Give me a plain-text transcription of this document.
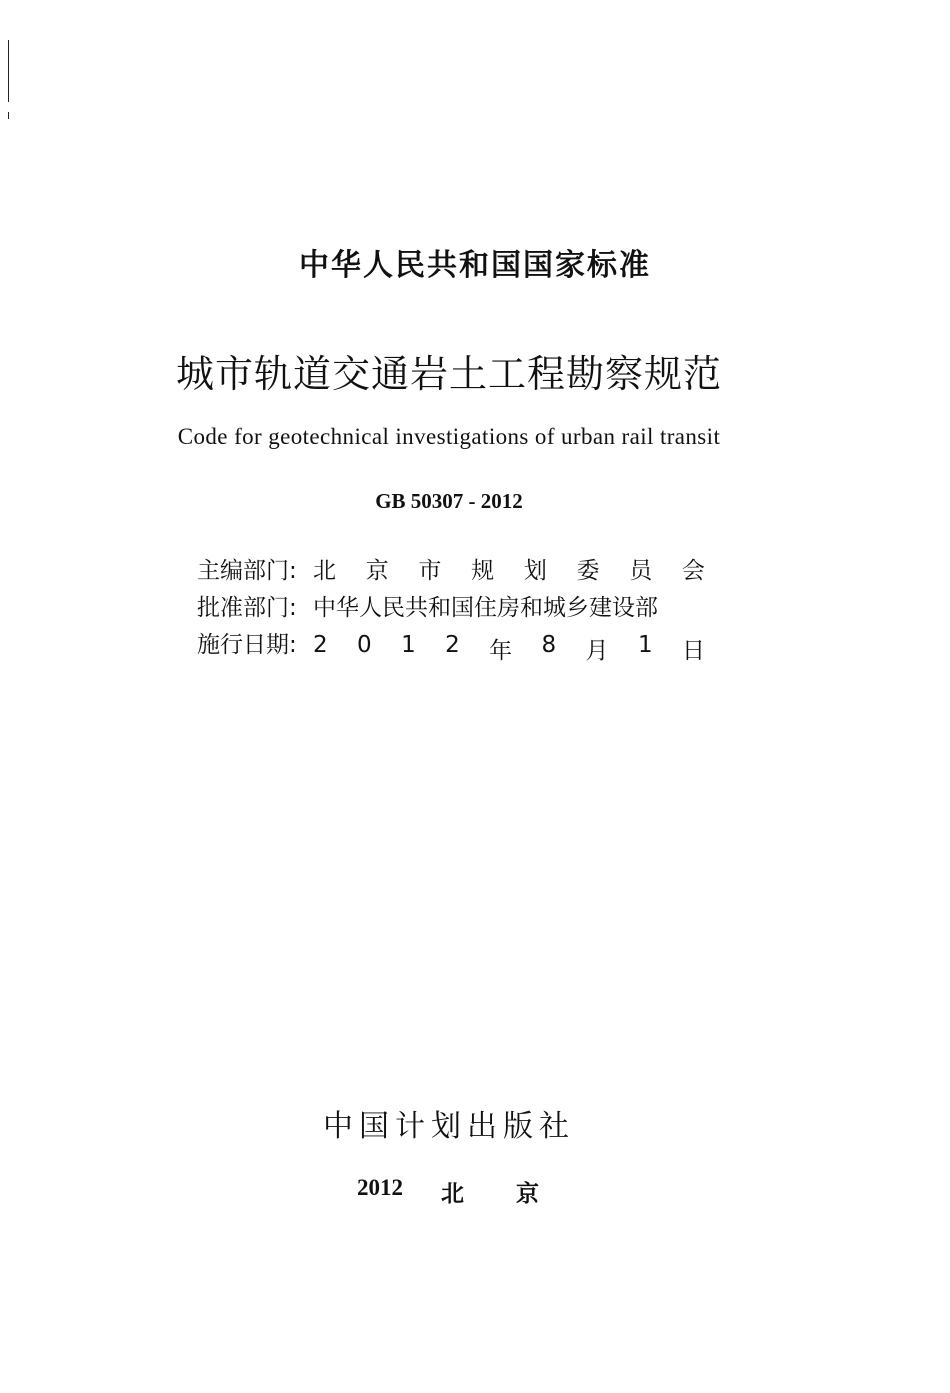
中华人民共和国国家标准
城市轨道交通岩土工程勘察规范
Code for geotechnical investigations of urban rail transit
GB 50307 - 2012
主编部门: 北 京 市 规 划 委 员 会
批准部门: 中华人民共和国住房和城乡建设部
施行日期: 2 0 1 2 年 8 月 1 日
中国计划出版社
2012 北 京
